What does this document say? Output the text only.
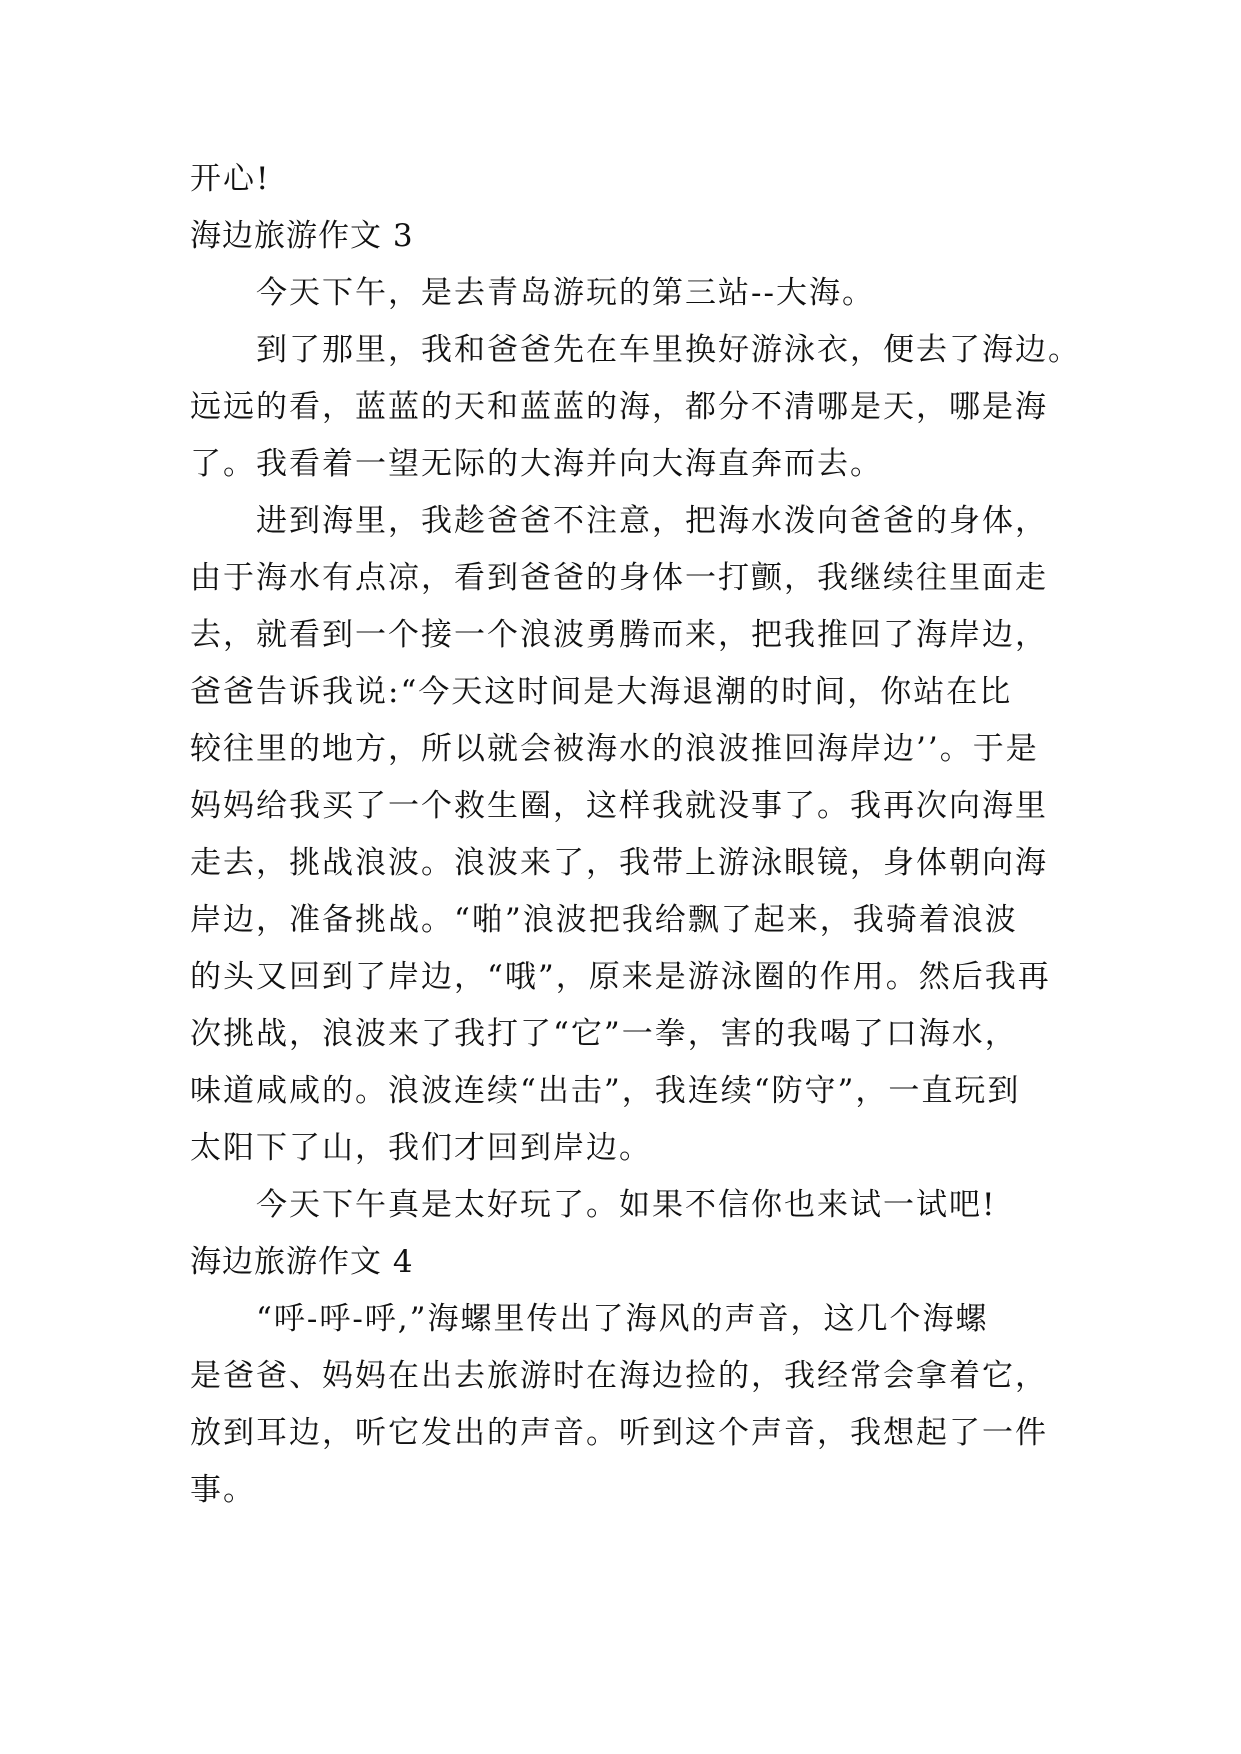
开心!

海边旅游作文 3

今天下午，是去青岛游玩的第三站--大海。

到了那里，我和爸爸先在车里换好游泳衣，便去了海边。

远远的看，蓝蓝的天和蓝蓝的海，都分不清哪是天，哪是海

了。我看着一望无际的大海并向大海直奔而去。

进到海里，我趁爸爸不注意，把海水泼向爸爸的身体，

由于海水有点凉，看到爸爸的身体一打颤，我继续往里面走

去，就看到一个接一个浪波勇腾而来，把我推回了海岸边，

爸爸告诉我说:“今天这时间是大海退潮的时间，你站在比

较往里的地方，所以就会被海水的浪波推回海岸边’’。于是

妈妈给我买了一个救生圈，这样我就没事了。我再次向海里

走去，挑战浪波。浪波来了，我带上游泳眼镜，身体朝向海

岸边，准备挑战。“啪”浪波把我给飘了起来，我骑着浪波

的头又回到了岸边，“哦”，原来是游泳圈的作用。然后我再

次挑战，浪波来了我打了“它”一拳，害的我喝了口海水，

味道咸咸的。浪波连续“出击”，我连续“防守”，一直玩到

太阳下了山，我们才回到岸边。

今天下午真是太好玩了。如果不信你也来试一试吧!

海边旅游作文 4

“呼-呼-呼,”海螺里传出了海风的声音，这几个海螺

是爸爸、妈妈在出去旅游时在海边捡的，我经常会拿着它，

放到耳边，听它发出的声音。听到这个声音，我想起了一件

事。
